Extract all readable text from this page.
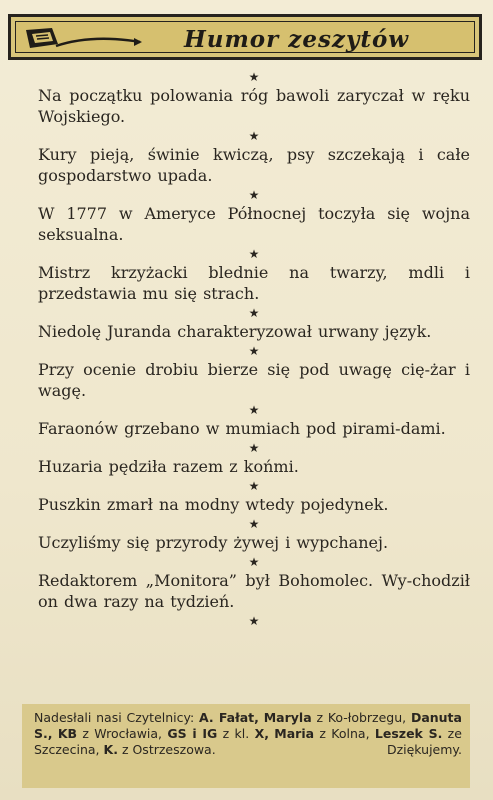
Humor zeszytów
★
Na początku polowania róg bawoli zaryczał w ręku Wojskiego.
★
Kury pieją, świnie kwiczą, psy szczekają i całe gospodarstwo upada.
★
W 1777 w Ameryce Północnej toczyła się wojna seksualna.
★
Mistrz krzyżacki blednie na twarzy, mdli i przedstawia mu się strach.
★
Niedolę Juranda charakteryzował urwany język.
★
Przy ocenie drobiu bierze się pod uwagę cię-żar i wagę.
★
Faraonów grzebano w mumiach pod pirami-dami.
★
Huzaria pędziła razem z końmi.
★
Puszkin zmarł na modny wtedy pojedynek.
★
Uczyliśmy się przyrody żywej i wypchanej.
★
Redaktorem „Monitora” był Bohomolec. Wy-chodził on dwa razy na tydzień.
★
Nadesłali nasi Czytelnicy: A. Fałat, Maryla z Ko-łobrzegu, Danuta S., KB z Wrocławia, GS i IG z kl. X, Maria z Kolna, Leszek S. ze Szczecina, K. z Ostrzeszowa.	Dziękujemy.
